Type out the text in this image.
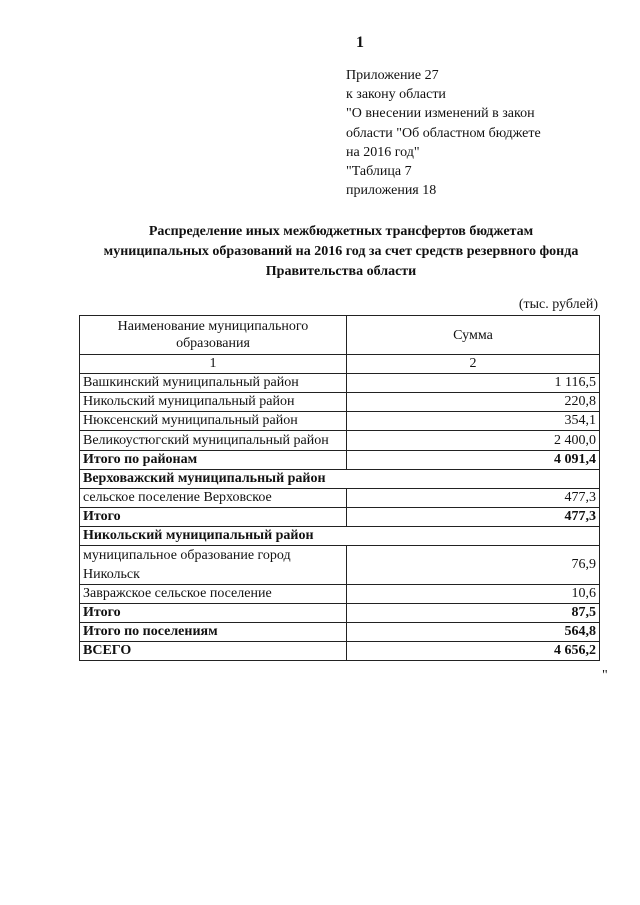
1
Приложение 27
к закону области
"О внесении изменений в закон
области "Об областном бюджете
на 2016 год"
"Таблица 7
приложения 18
Распределение иных межбюджетных трансфертов бюджетам
муниципальных образований на 2016 год за счет средств резервного фонда
Правительства области
(тыс. рублей)
Наименование муниципального образования	Сумма
1	2
Вашкинский муниципальный район	1 116,5
Никольский муниципальный район	220,8
Нюксенский муниципальный район	354,1
Великоустюгский муниципальный район	2 400,0
Итого по районам	4 091,4
Верховажский муниципальный район	
сельское поселение Верховское	477,3
Итого	477,3
Никольский муниципальный район	
муниципальное образование город Никольск	76,9
Завражское сельское поселение	10,6
Итого	87,5
Итого по поселениям	564,8
ВСЕГО	4 656,2
"
